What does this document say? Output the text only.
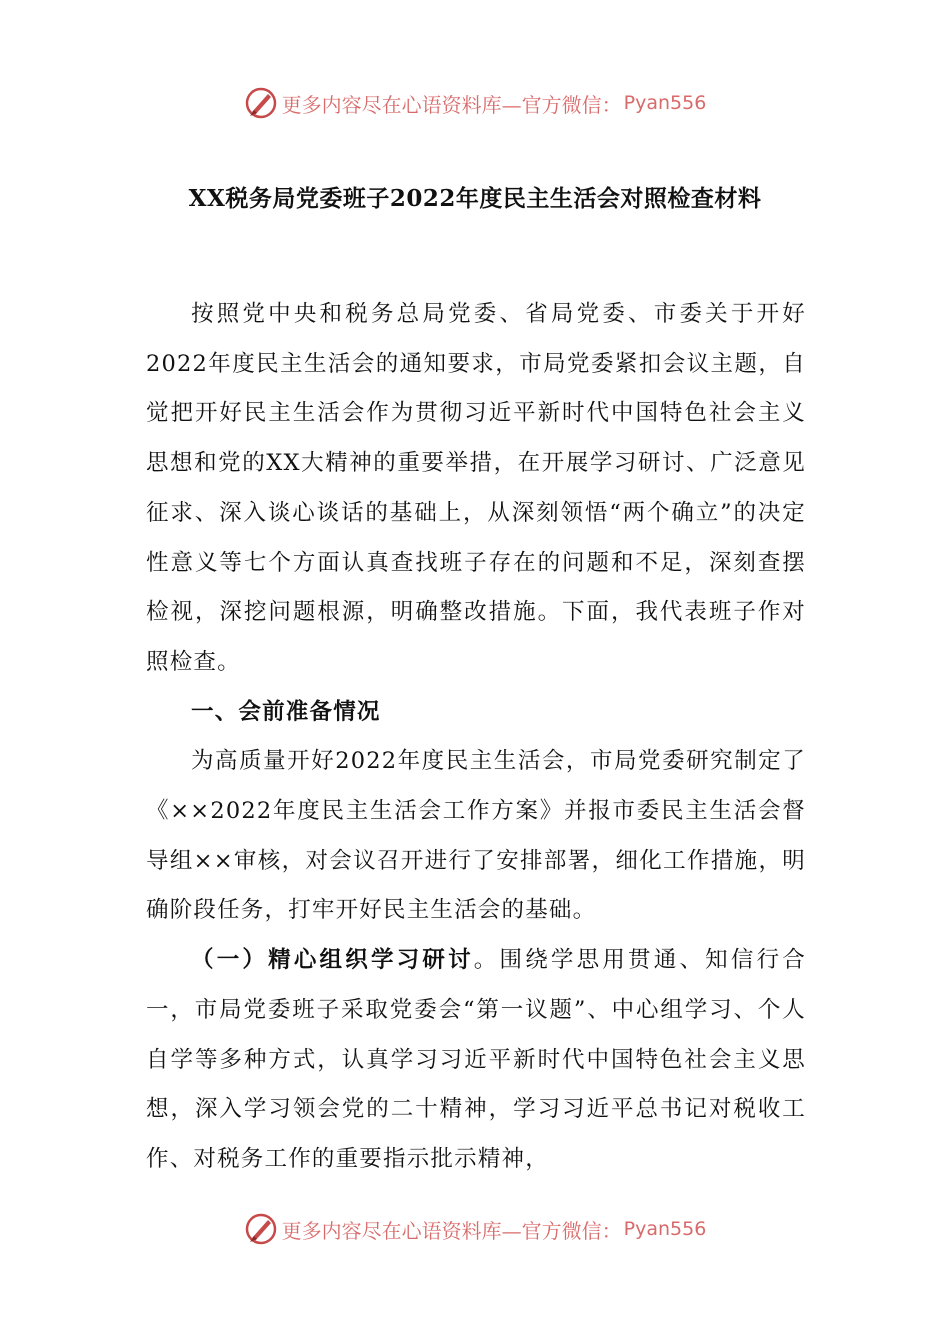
更多内容尽在心语资料库—官方微信： Pyan556
XX税务局党委班子2022年度民主生活会对照检查材料

按照党中央和税务总局党委、省局党委、市委关于开好2022年度民主生活会的通知要求，市局党委紧扣会议主题，自觉把开好民主生活会作为贯彻习近平新时代中国特色社会主义思想和党的XX大精神的重要举措，在开展学习研讨、广泛意见征求、深入谈心谈话的基础上，从深刻领悟“两个确立”的决定性意义等七个方面认真查找班子存在的问题和不足，深刻查摆检视，深挖问题根源，明确整改措施。下面，我代表班子作对照检查。

一、会前准备情况

为高质量开好2022年度民主生活会，市局党委研究制定了《××2022年度民主生活会工作方案》并报市委民主生活会督导组××审核，对会议召开进行了安排部署，细化工作措施，明确阶段任务，打牢开好民主生活会的基础。

（一）精心组织学习研讨。围绕学思用贯通、知信行合一，市局党委班子采取党委会“第一议题”、中心组学习、个人自学等多种方式，认真学习习近平新时代中国特色社会主义思想，深入学习领会党的二十精神，学习习近平总书记对税收工作、对税务工作的重要指示批示精神，

更多内容尽在心语资料库—官方微信： Pyan556
